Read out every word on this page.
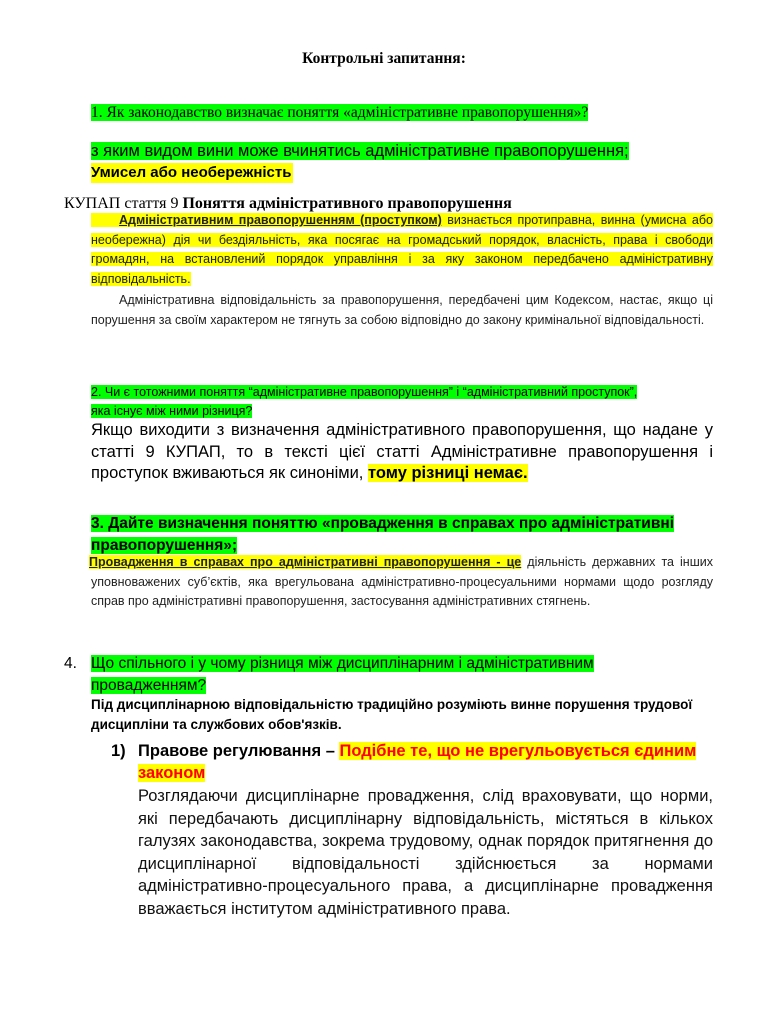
Контрольні запитання:
1. Як законодавство визначає поняття «адміністративне правопорушення»?
з яким видом вини може вчинятись адміністративне правопорушення;
Умисел або необережність
КУПАП стаття 9 Поняття адміністративного правопорушення
Адміністративним правопорушенням (проступком) визнається протиправна, винна (умисна або необережна) дія чи бездіяльність, яка посягає на громадський порядок, власність, права і свободи громадян, на встановлений порядок управління і за яку законом передбачено адміністративну відповідальність.
Адміністративна відповідальність за правопорушення, передбачені цим Кодексом, настає, якщо ці порушення за своїм характером не тягнуть за собою відповідно до закону кримінальної відповідальності.
2. Чи є тотожними поняття “адміністративне правопорушення” і “адміністративний проступок”, яка існує між ними різниця?
Якщо виходити з визначення адміністративного правопорушення, що надане у статті 9 КУПАП, то в тексті цієї статті Адміністративне правопорушення і проступок вживаються як синоніми, тому різниці немає.
3. Дайте визначення поняттю «провадження в справах про адміністративні правопорушення»;
Провадження в справах про адміністративні правопорушення - це діяльність державних та інших уповноважених суб’єктів, яка врегульована адміністративно-процесуальними нормами щодо розгляду справ про адміністративні правопорушення, застосування адміністративних стягнень.
4. Що спільного і у чому різниця між дисциплінарним і адміністративним
провадженням?
Під дисциплінарною відповідальністю традиційно розуміють винне порушення трудової дисципліни та службових обов'язків.
1) Правове регулювання – Подібне те, що не врегульовується єдиним законом
Розглядаючи дисциплінарне провадження, слід враховувати, що норми, які передбачають дисциплінарну відповідальність, містяться в кількох галузях законодавства, зокрема трудовому, однак порядок притягнення до дисциплінарної відповідальності здійснюється за нормами адміністративно-процесуального права, а дисциплінарне провадження вважається інститутом адміністративного права.
